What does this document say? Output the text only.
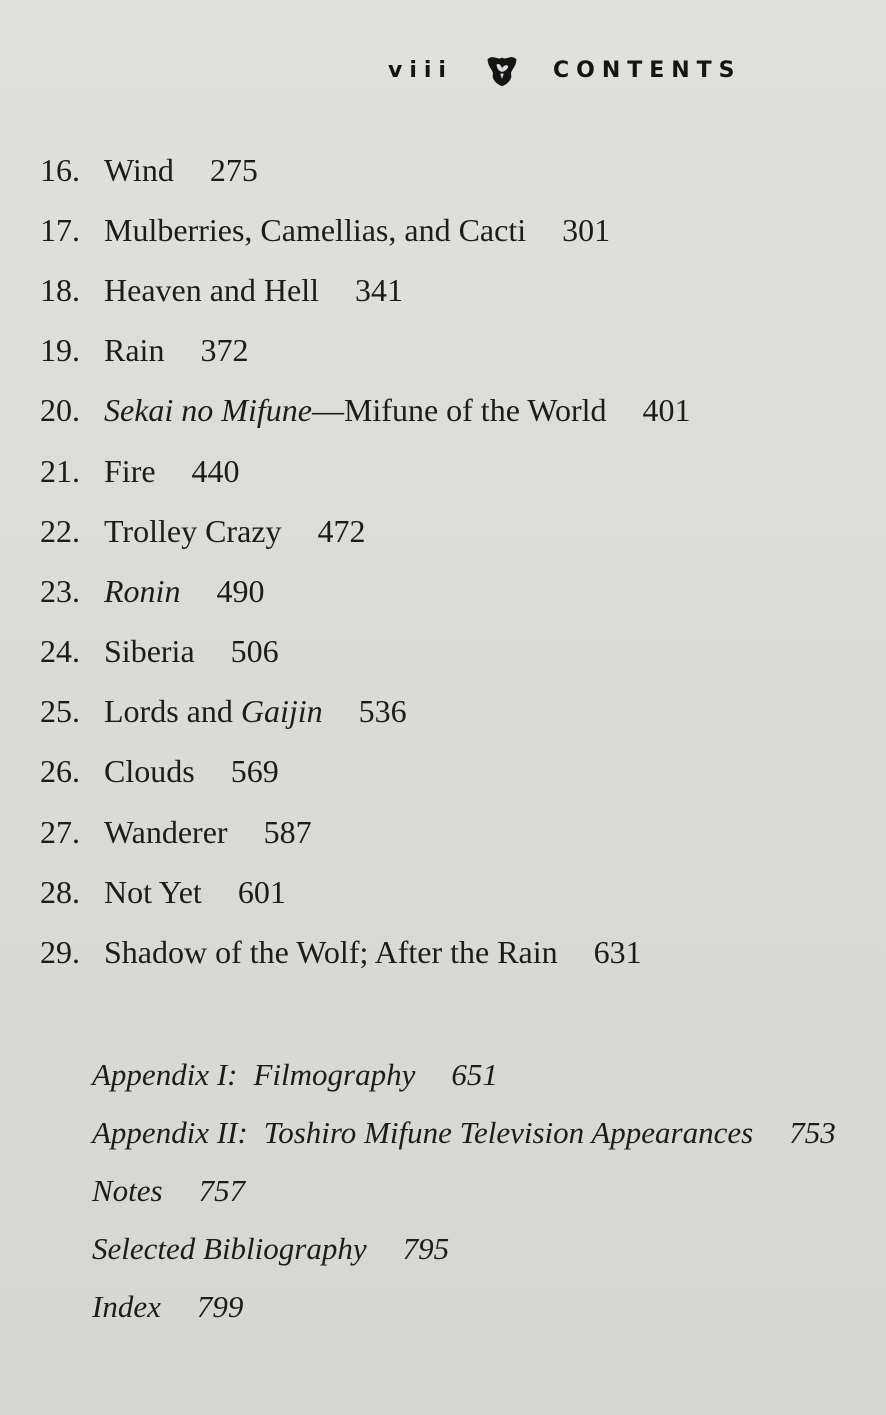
viii	CONTENTS
16. Wind 275
17. Mulberries, Camellias, and Cacti 301
18. Heaven and Hell 341
19. Rain 372
20. Sekai no Mifune —Mifune of the World 401
21. Fire 440
22. Trolley Crazy 472
23. Ronin 490
24. Siberia 506
25. Lords and
Gaijin 536
26. Clouds 569
27. Wanderer 587
28. Not Yet 601
29. Shadow of the Wolf; After the Rain 631
Appendix I: Filmography 651
Appendix II: Toshiro Mifune Television Appearances 753
Notes 757
Selected Bibliography 795
Index 799
